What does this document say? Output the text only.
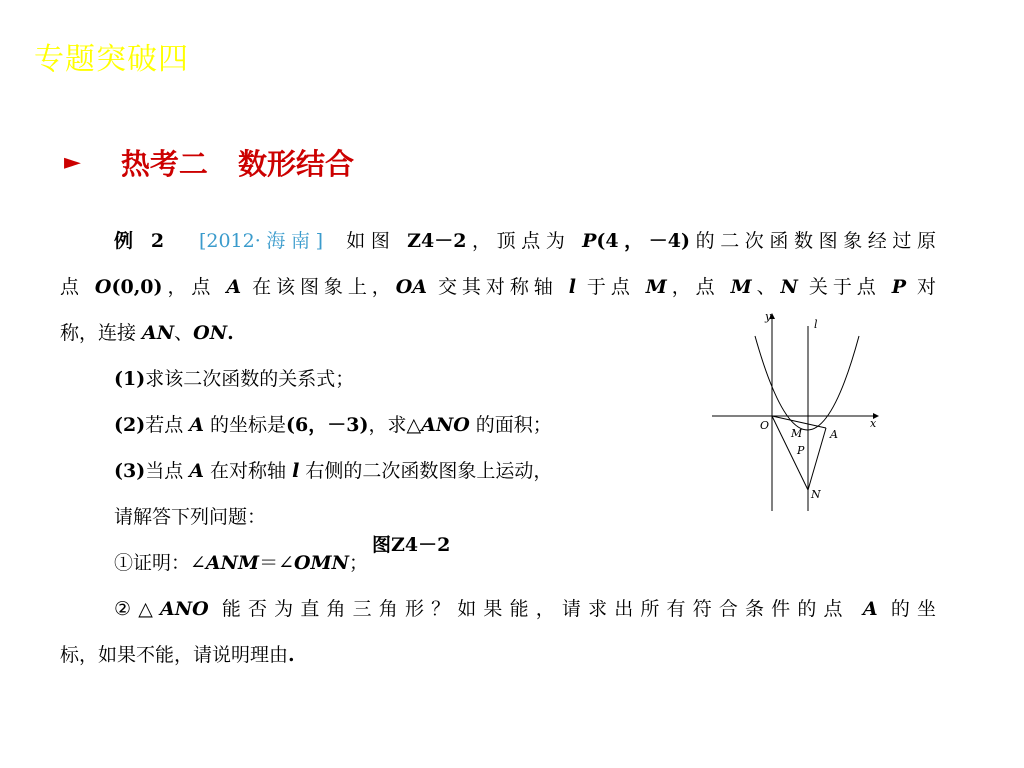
专题突破四
► 热考二 数形结合
例 2 [2012·海南] 如图 Z4－2，顶点为 P(4，－4)的二次函数图象经过原
点 O(0,0)，点 A 在该图象上，OA 交其对称轴 l 于点 M，点 M、N 关于点 P 对
称，连接 AN、ON.
(1)求该二次函数的关系式；
(2)若点 A 的坐标是(6，－3)，求△ANO 的面积；
(3)当点 A 在对称轴 l 右侧的二次函数图象上运动，
请解答下列问题：
①证明：∠ANM＝∠OMN；
②△ANO 能否为直角三角形？如果能，请求出所有符合条件的点 A 的坐
标，如果不能，请说明理由.
y
l
O	x
M	A
P
N
图Z4－2
